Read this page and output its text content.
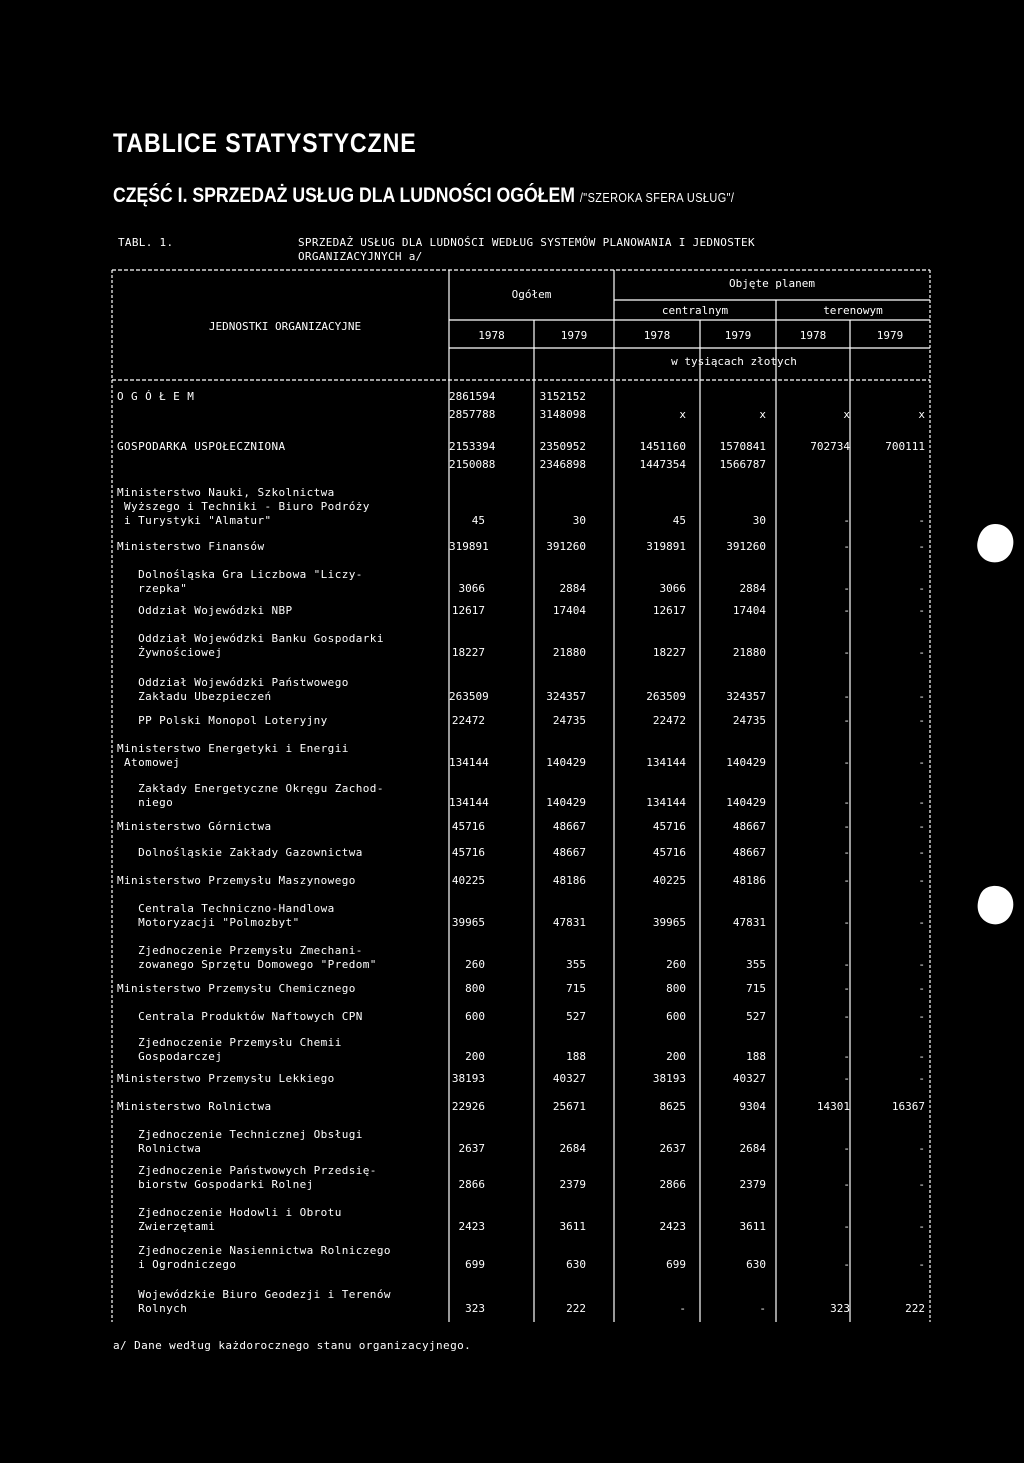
TABLICE STATYSTYCZNE
CZĘŚĆ I. SPRZEDAŻ USŁUG DLA LUDNOŚCI OGÓŁEM /"SZEROKA SFERA USŁUG"/
TABL. 1.	SPRZEDAŻ USŁUG DLA LUDNOŚCI WEDŁUG SYSTEMÓW PLANOWANIA I JEDNOSTEK
ORGANIZACYJNYCH a/
JEDNOSTKI ORGANIZACYJNE
Ogółem
Objęte planem
centralnym	terenowym
1978	1979	1978	1979	1978	1979
w tysiącach złotych
O G Ó Ł E M	2861594	3152152
2857788	3148098	x	x	x	x
GOSPODARKA USPOŁECZNIONA	2153394	2350952	1451160	1570841	702734	700111
2150088	2346898	1447354	1566787
Ministerstwo Nauki, Szkolnictwa
Wyższego i Techniki - Biuro Podróży
i Turystyki "Almatur"	45	30	45	30	-	-
Ministerstwo Finansów	319891	391260	319891	391260	-	-
Dolnośląska Gra Liczbowa "Liczy-
rzepka"	3066	2884	3066	2884	-	-
Oddział Wojewódzki NBP	12617	17404	12617	17404	-	-
Oddział Wojewódzki Banku Gospodarki
Żywnościowej	18227	21880	18227	21880	-	-
Oddział Wojewódzki Państwowego
Zakładu Ubezpieczeń	263509	324357	263509	324357	-	-
PP Polski Monopol Loteryjny	22472	24735	22472	24735	-	-
Ministerstwo Energetyki i Energii
Atomowej	134144	140429	134144	140429	-	-
Zakłady Energetyczne Okręgu Zachod-
niego	134144	140429	134144	140429	-	-
Ministerstwo Górnictwa	45716	48667	45716	48667	-	-
Dolnośląskie Zakłady Gazownictwa	45716	48667	45716	48667	-	-
Ministerstwo Przemysłu Maszynowego	40225	48186	40225	48186	-	-
Centrala Techniczno-Handlowa
Motoryzacji "Polmozbyt"	39965	47831	39965	47831	-	-
Zjednoczenie Przemysłu Zmechani-
zowanego Sprzętu Domowego "Predom"	260	355	260	355	-	-
Ministerstwo Przemysłu Chemicznego	800	715	800	715	-	-
Centrala Produktów Naftowych CPN	600	527	600	527	-	-
Zjednoczenie Przemysłu Chemii
Gospodarczej	200	188	200	188	-	-
Ministerstwo Przemysłu Lekkiego	38193	40327	38193	40327	-	-
Ministerstwo Rolnictwa	22926	25671	8625	9304	14301	16367
Zjednoczenie Technicznej Obsługi
Rolnictwa	2637	2684	2637	2684	-	-
Zjednoczenie Państwowych Przedsię-
biorstw Gospodarki Rolnej	2866	2379	2866	2379	-	-
Zjednoczenie Hodowli i Obrotu
Zwierzętami	2423	3611	2423	3611	-	-
Zjednoczenie Nasiennictwa Rolniczego
i Ogrodniczego	699	630	699	630	-	-
Wojewódzkie Biuro Geodezji i Terenów
Rolnych	323	222	-	-	323	222
a/ Dane według każdorocznego stanu organizacyjnego.
